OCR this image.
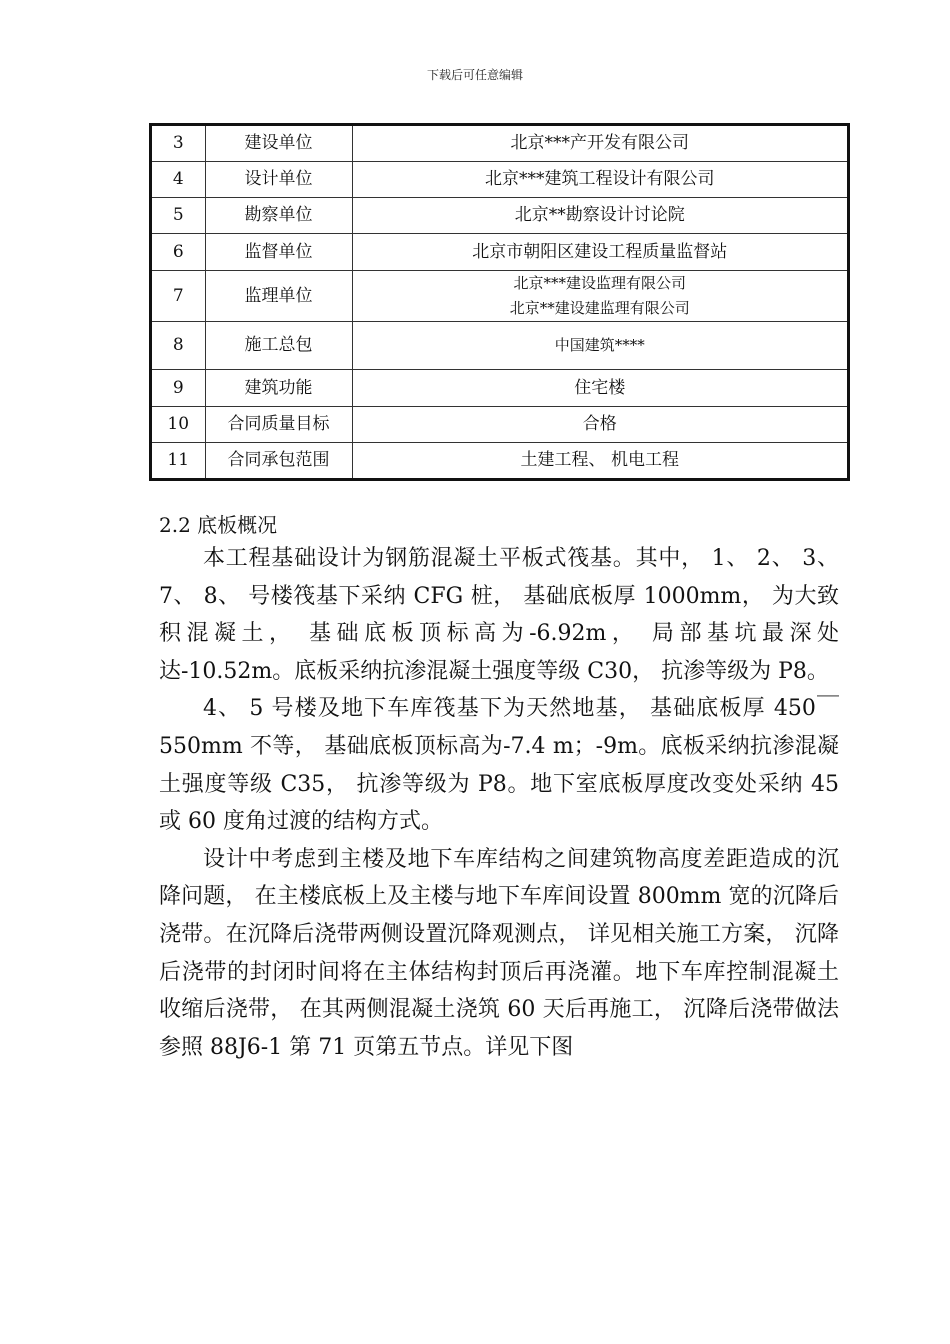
下载后可任意编辑
3	建设单位	北京***产开发有限公司
4	设计单位	北京***建筑工程设计有限公司
5	勘察单位	北京**勘察设计讨论院
6	监督单位	北京市朝阳区建设工程质量监督站
7	监理单位	北京***建设监理有限公司
北京**建设建监理有限公司

8	施工总包	中国建筑****
9	建筑功能	住宅楼
10	合同质量目标	合格
11	合同承包范围	土建工程、 机电工程
2.2 底板概况

本工程基础设计为钢筋混凝土平板式筏基。其中， 1、 2、 3、 7、 8、 号楼筏基下采纳 CFG 桩， 基础底板厚 1000mm， 为大致积混凝土， 基础底板顶标高为-6.92m， 局部基坑最深处达-10.52m。底板采纳抗渗混凝土强度等级 C30， 抗渗等级为 P8。

4、 5 号楼及地下车库筏基下为天然地基， 基础底板厚 450￣550mm 不等， 基础底板顶标高为-7.4 m；-9m。底板采纳抗渗混凝土强度等级 C35， 抗渗等级为 P8。地下室底板厚度改变处采纳 45 或 60 度角过渡的结构方式。

设计中考虑到主楼及地下车库结构之间建筑物高度差距造成的沉降问题， 在主楼底板上及主楼与地下车库间设置 800mm 宽的沉降后浇带。在沉降后浇带两侧设置沉降观测点， 详见相关施工方案， 沉降后浇带的封闭时间将在主体结构封顶后再浇灌。地下车库控制混凝土收缩后浇带， 在其两侧混凝土浇筑 60 天后再施工， 沉降后浇带做法参照 88J6-1 第 71 页第五节点。详见下图
